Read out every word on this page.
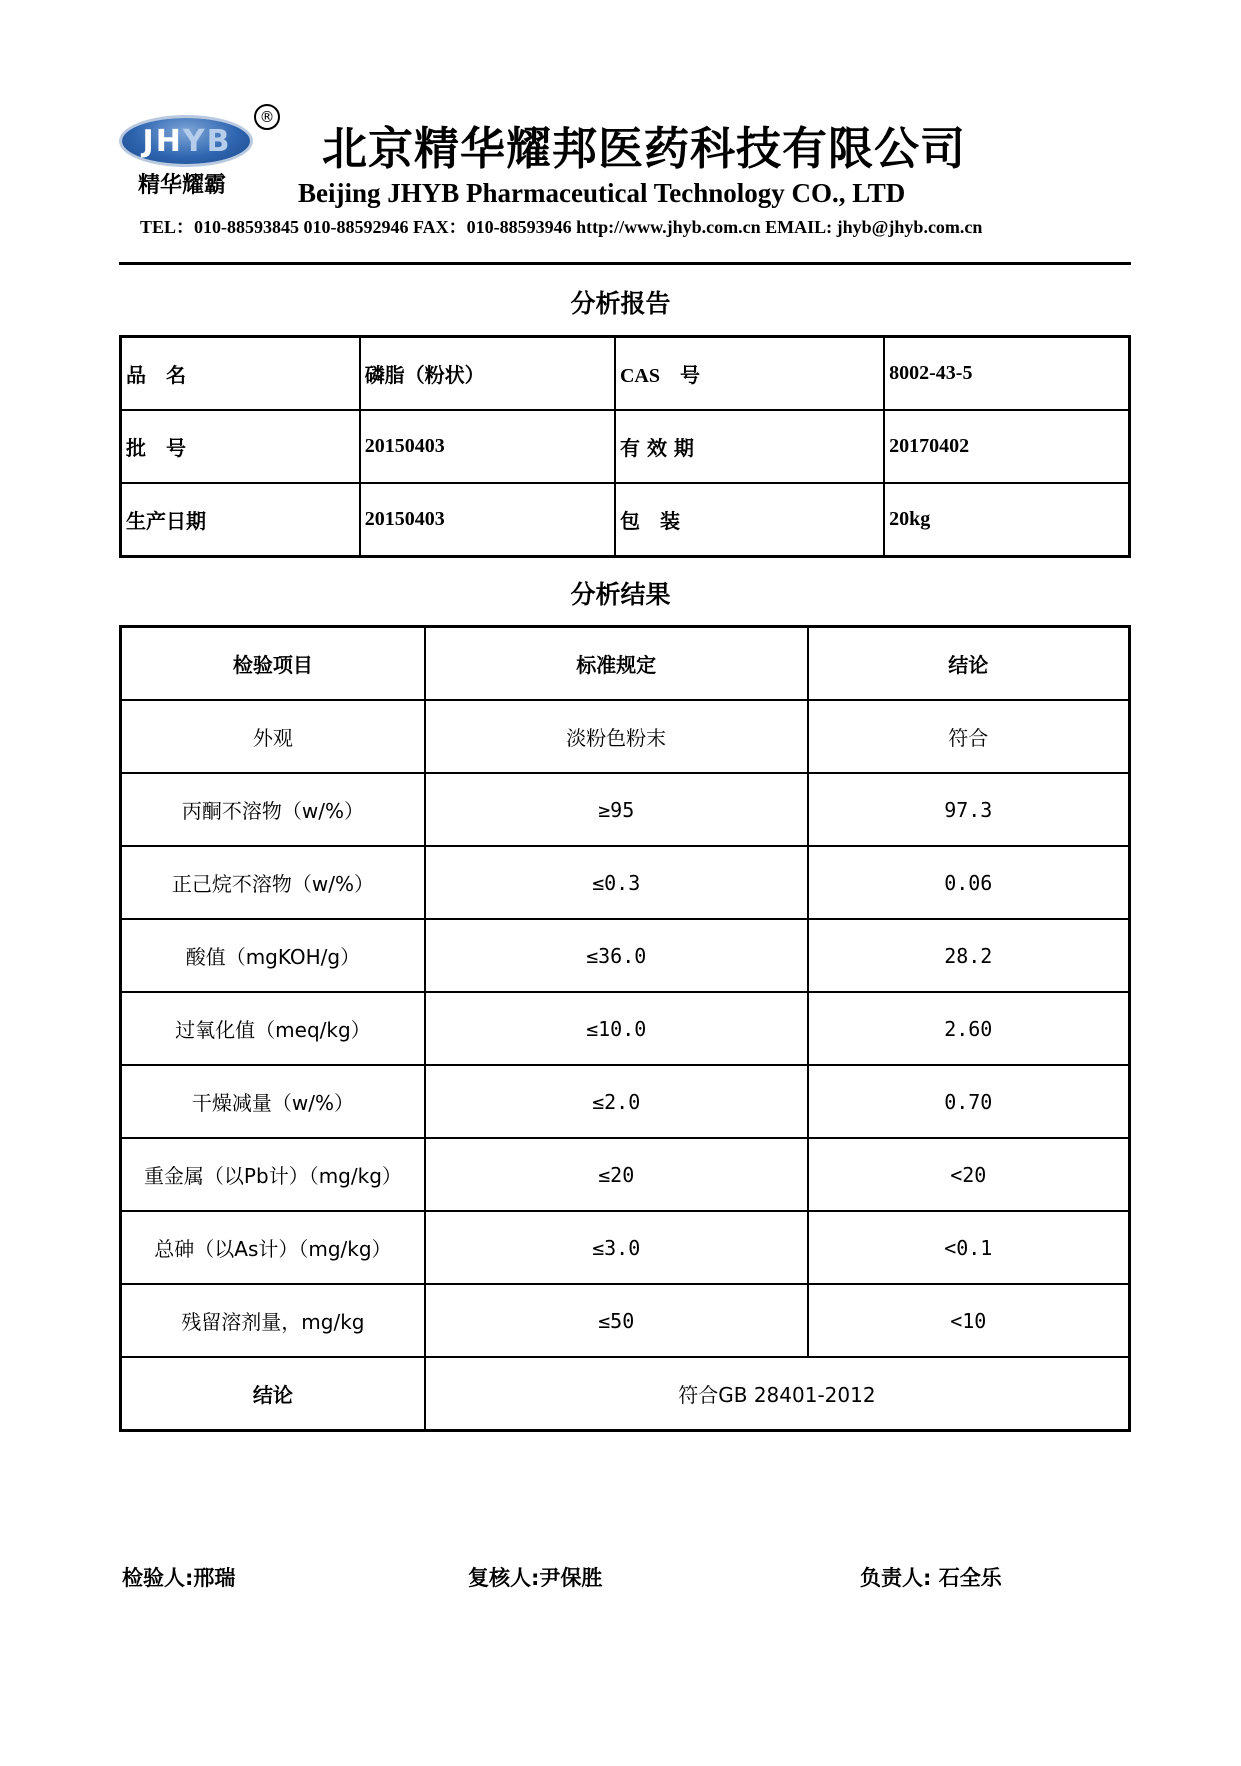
JHYB
®
精华耀霸
北京精华耀邦医药科技有限公司
Beijing JHYB Pharmaceutical Technology CO., LTD
TEL：010-88593845 010-88592946 FAX：010-88593946 http://www.jhyb.com.cn EMAIL: jhyb@jhyb.com.cn
分析报告
品　名	磷脂（粉状）	CAS　号	8002-43-5
批　号	20150403	有 效 期	20170402
生产日期	20150403	包　装	20kg
分析结果
检验项目	标准规定	结论
外观	淡粉色粉末	符合
丙酮不溶物（w/%）	≥95	97.3
正己烷不溶物（w/%）	≤0.3	0.06
酸值（mgKOH/g）	≤36.0	28.2
过氧化值（meq/kg）	≤10.0	2.60
干燥减量（w/%）	≤2.0	0.70
重金属（以Pb计）（mg/kg）	≤20	<20
总砷（以As计）（mg/kg）	≤3.0	<0.1
残留溶剂量，mg/kg	≤50	<10
结论	符合GB 28401-2012	
检验人:邢瑞	复核人:尹保胜	负责人: 石全乐
